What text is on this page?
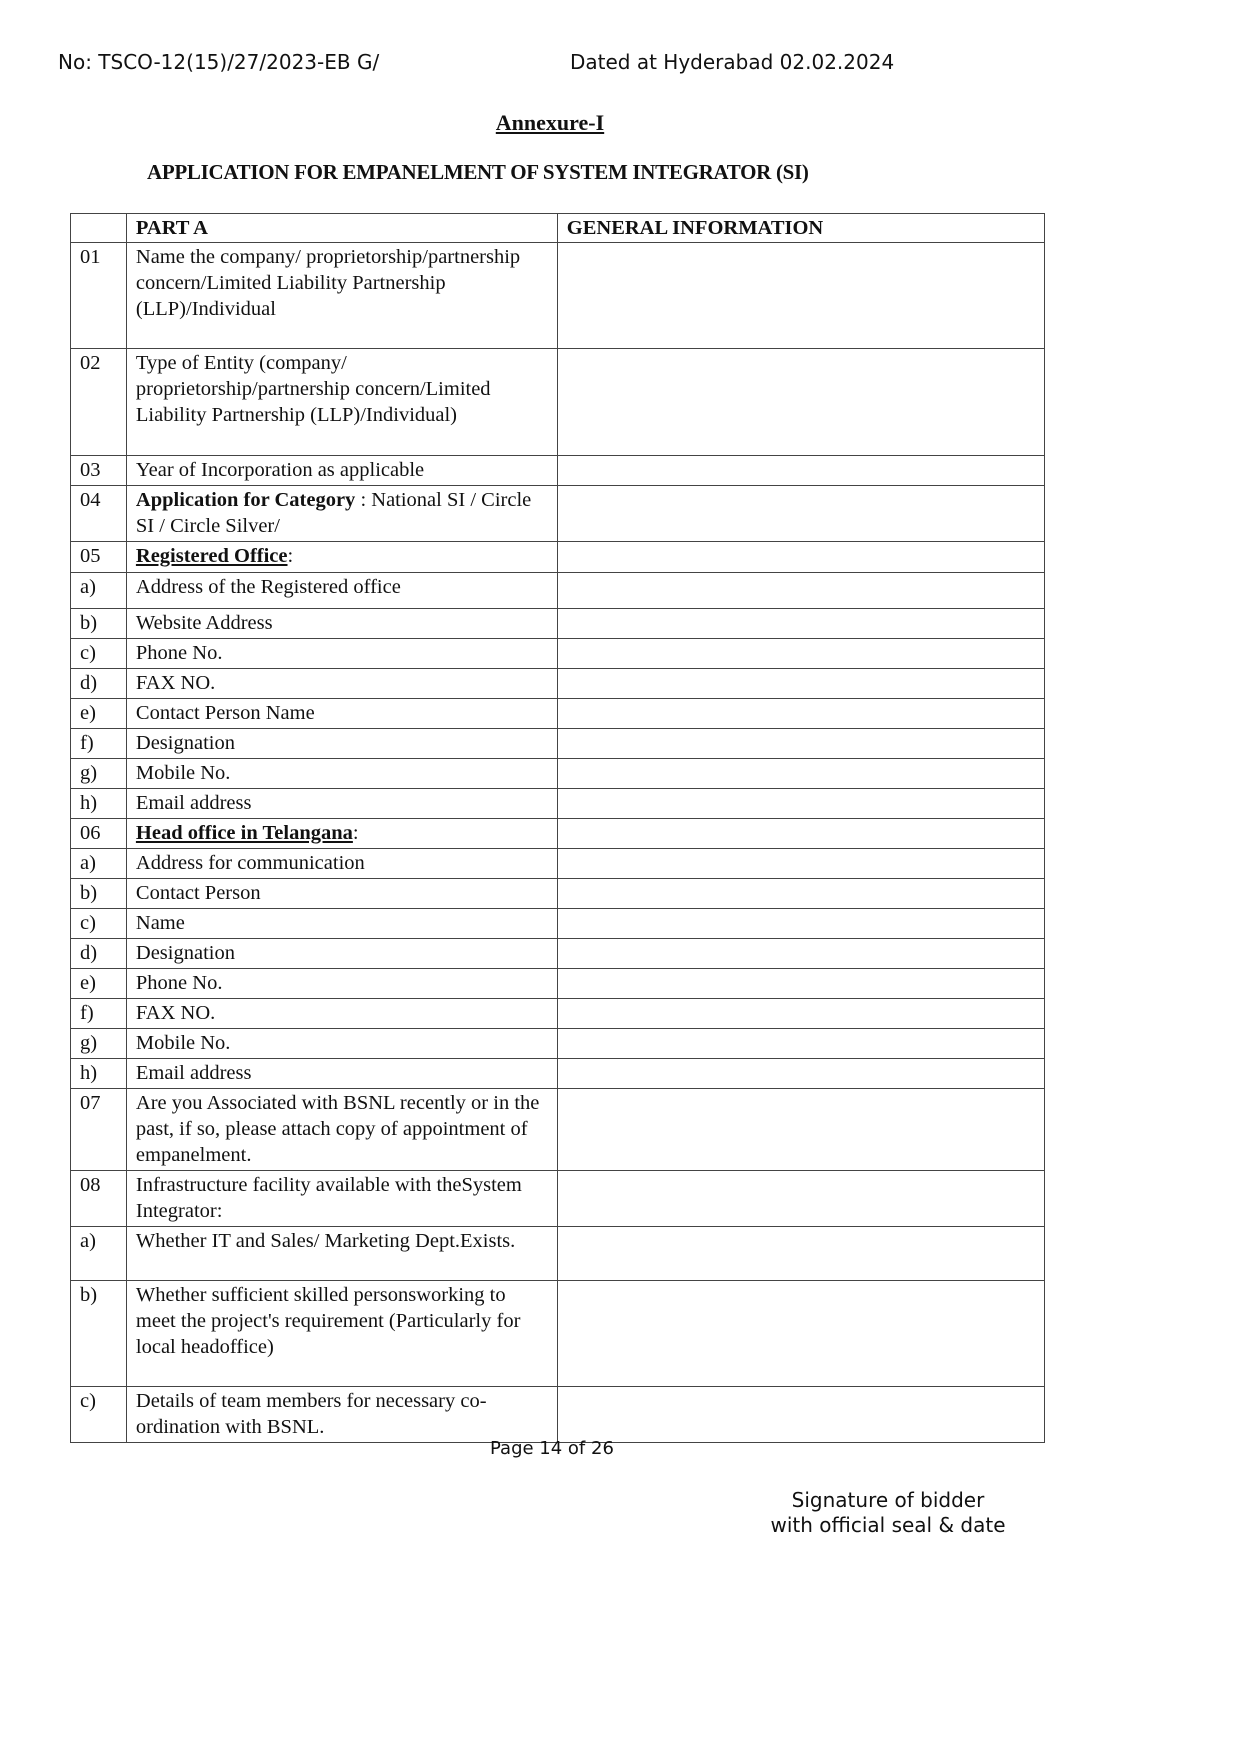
No: TSCO-12(15)/27/2023-EB G/	Dated at Hyderabad 02.02.2024
Annexure-I
APPLICATION FOR EMPANELMENT OF SYSTEM INTEGRATOR (SI)
	PART A	GENERAL INFORMATION
01	Name the company/ proprietorship/partnership concern/Limited Liability Partnership (LLP)/Individual	
02	Type of Entity (company/ proprietorship/partnership concern/Limited Liability Partnership (LLP)/Individual)	
03	Year of Incorporation as applicable	
04	Application for Category : National SI / Circle SI / Circle Silver/	
05	Registered Office:	
a)	Address of the Registered office	
b)	Website Address	
c)	Phone No.	
d)	FAX NO.	
e)	Contact Person Name	
f)	Designation	
g)	Mobile No.	
h)	Email address	
06	Head office in Telangana:	
a)	Address for communication	
b)	Contact Person	
c)	Name	
d)	Designation	
e)	Phone No.	
f)	FAX NO.	
g)	Mobile No.	
h)	Email address	
07	Are you Associated with BSNL recently or in the past, if so, please attach copy of appointment of empanelment.	
08	Infrastructure facility available with theSystem Integrator:	
a)	Whether IT and Sales/ Marketing Dept.Exists.	
b)	Whether sufficient skilled personsworking to meet the project's requirement (Particularly for local headoffice)	
c)	Details of team members for necessary co-ordination with BSNL.	
Page 14 of 26
Signature of bidder
with official seal & date
